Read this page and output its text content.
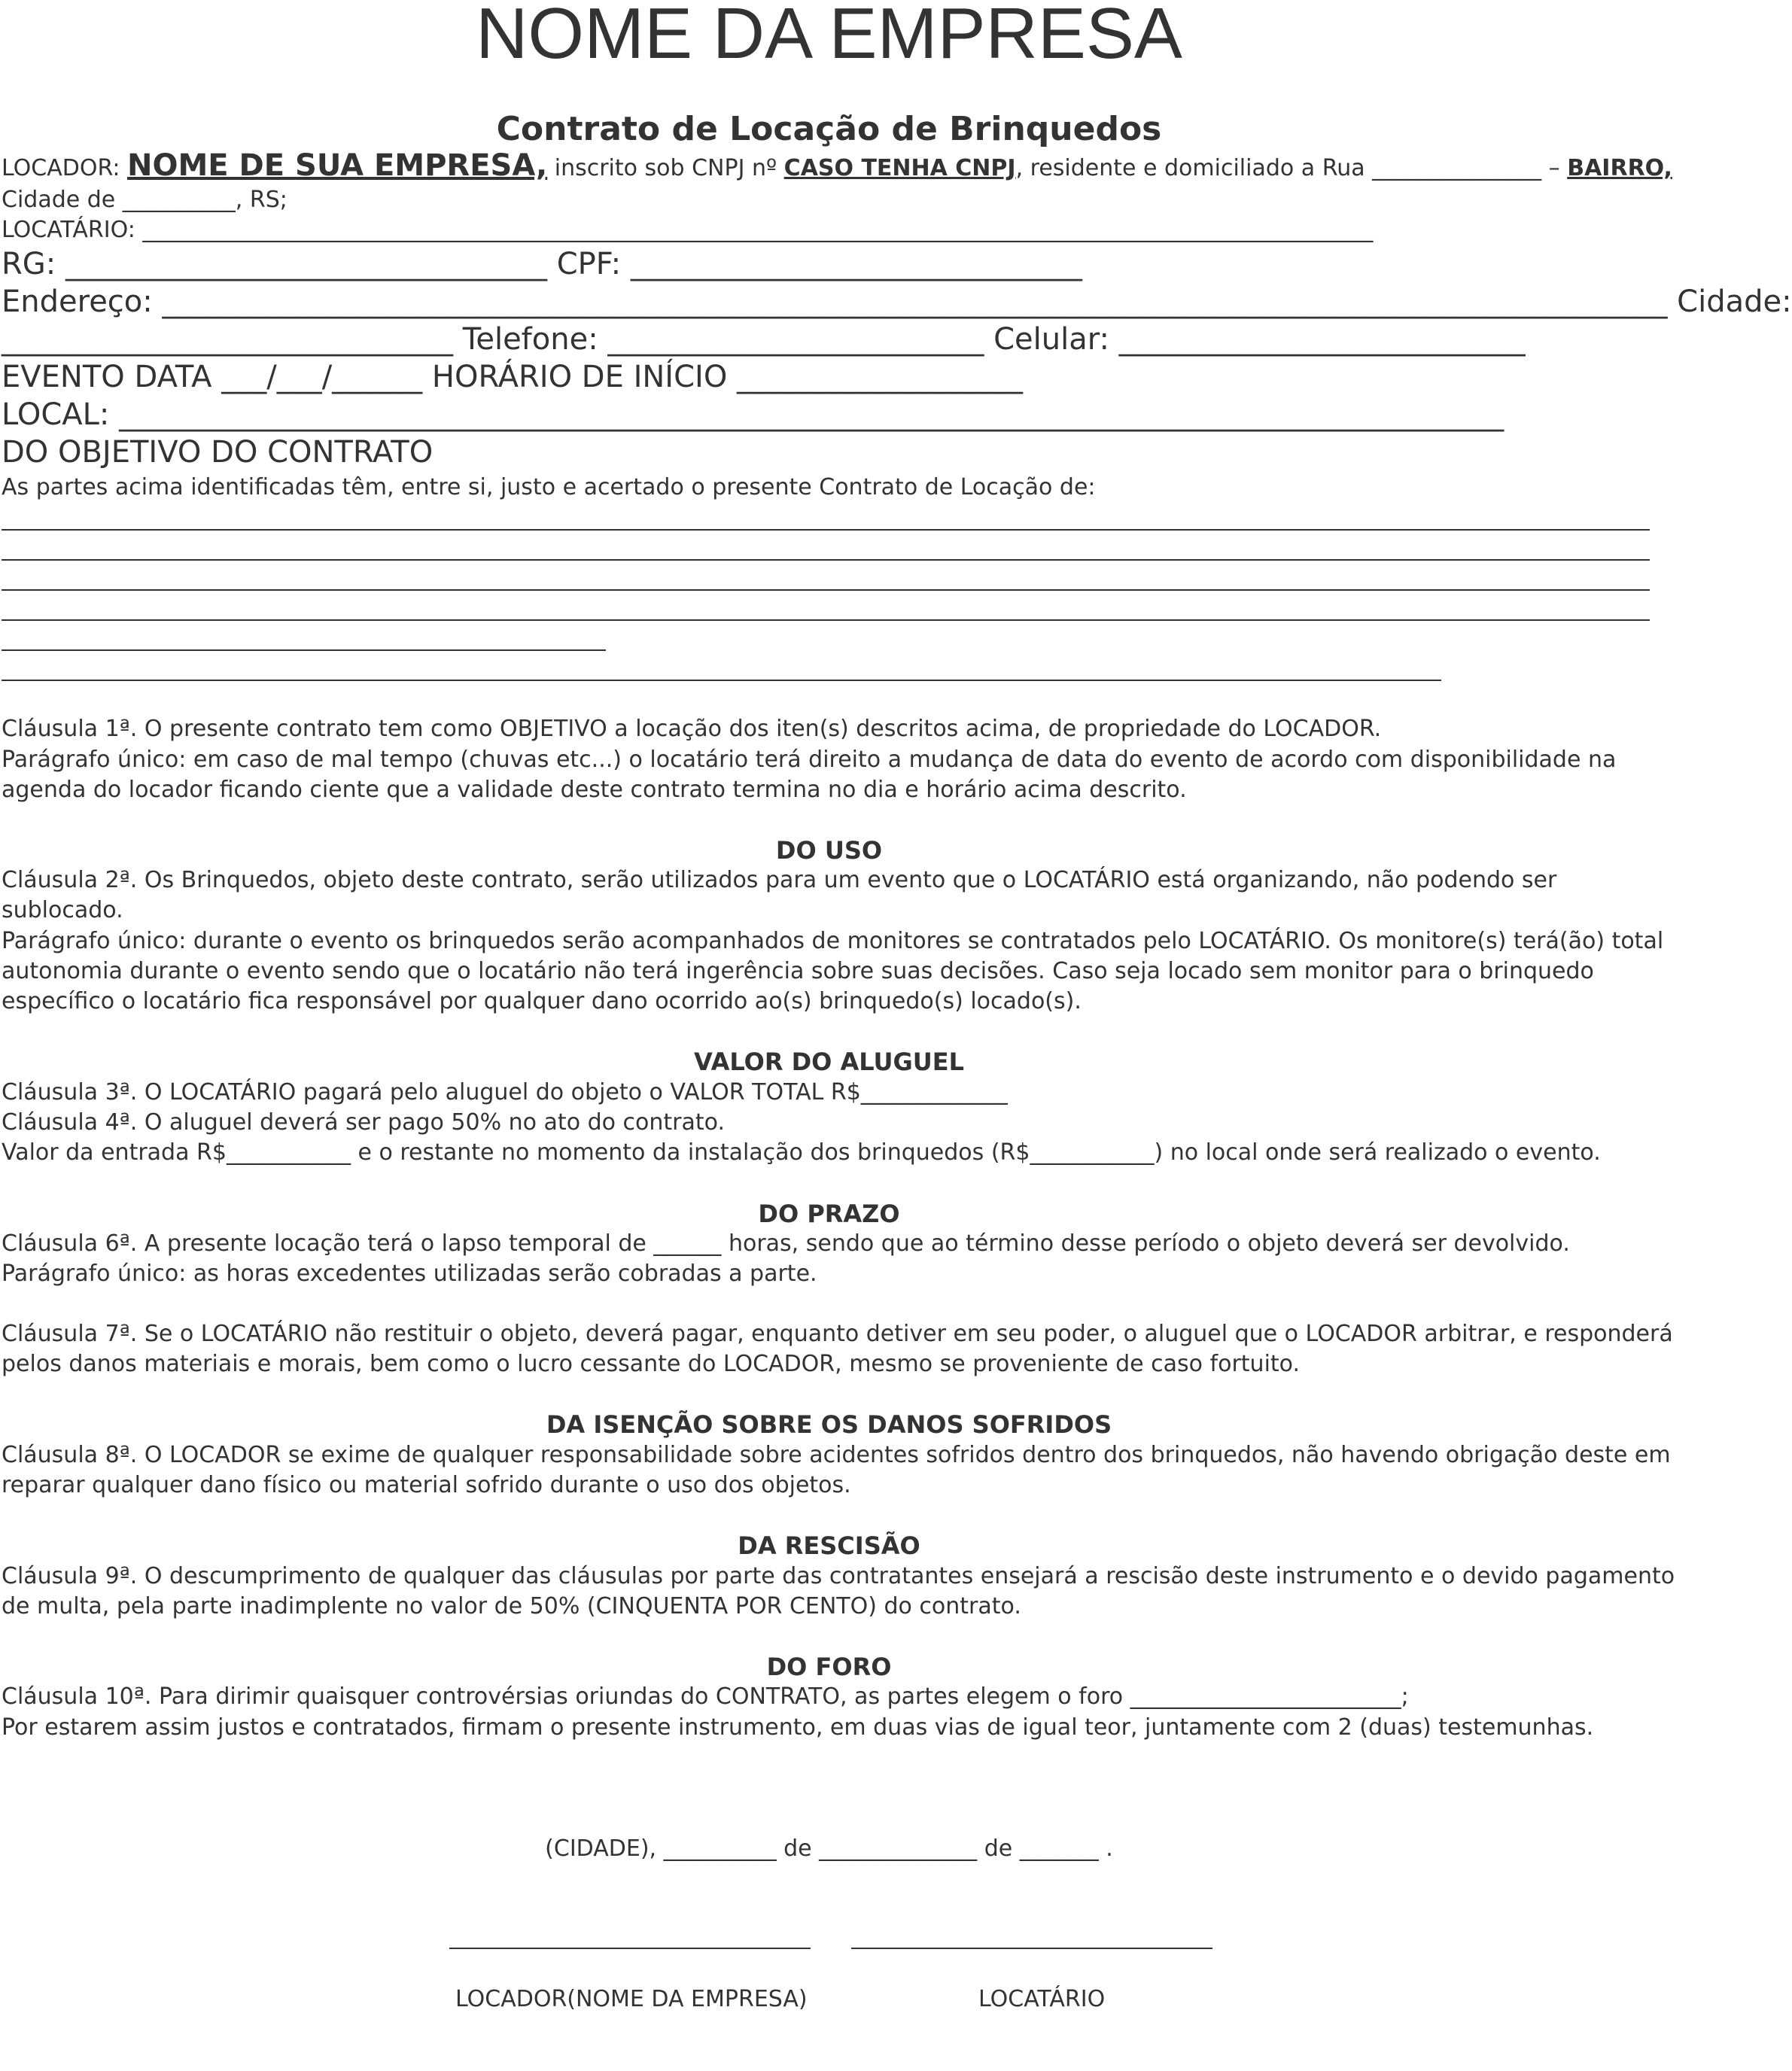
NOME DA EMPRESA
Contrato de Locação de Brinquedos
LOCADOR: NOME DE SUA EMPRESA, inscrito sob CNPJ nº CASO TENHA CNPJ, residente e domiciliado a Rua _______________ – BAIRRO,
Cidade de __________, RS;
LOCATÁRIO: _____________________________________________________________________________________________________________
RG: ________________________________ CPF: ______________________________
Endereço: ____________________________________________________________________________________________________ Cidade:
______________________________ Telefone: _________________________ Celular: ___________________________
EVENTO DATA ___/___/______ HORÁRIO DE INÍCIO ___________________
LOCAL: ____________________________________________________________________________________________
DO OBJETIVO DO CONTRATO
As partes acima identificadas têm, entre si, justo e acertado o presente Contrato de Locação de:
Cláusula 1ª. O presente contrato tem como OBJETIVO a locação dos iten(s) descritos acima, de propriedade do LOCADOR.
Parágrafo único: em caso de mal tempo (chuvas etc...) o locatário terá direito a mudança de data do evento de acordo com disponibilidade na
agenda do locador ficando ciente que a validade deste contrato termina no dia e horário acima descrito.
DO USO
Cláusula 2ª. Os Brinquedos, objeto deste contrato, serão utilizados para um evento que o LOCATÁRIO está organizando, não podendo ser
sublocado.
Parágrafo único: durante o evento os brinquedos serão acompanhados de monitores se contratados pelo LOCATÁRIO. Os monitore(s) terá(ão) total
autonomia durante o evento sendo que o locatário não terá ingerência sobre suas decisões. Caso seja locado sem monitor para o brinquedo
específico o locatário fica responsável por qualquer dano ocorrido ao(s) brinquedo(s) locado(s).
VALOR DO ALUGUEL
Cláusula 3ª. O LOCATÁRIO pagará pelo aluguel do objeto o VALOR TOTAL R$_____________
Cláusula 4ª. O aluguel deverá ser pago 50% no ato do contrato.
Valor da entrada R$___________ e o restante no momento da instalação dos brinquedos (R$___________) no local onde será realizado o evento.
DO PRAZO
Cláusula 6ª. A presente locação terá o lapso temporal de ______ horas, sendo que ao término desse período o objeto deverá ser devolvido.
Parágrafo único: as horas excedentes utilizadas serão cobradas a parte.
Cláusula 7ª. Se o LOCATÁRIO não restituir o objeto, deverá pagar, enquanto detiver em seu poder, o aluguel que o LOCADOR arbitrar, e responderá
pelos danos materiais e morais, bem como o lucro cessante do LOCADOR, mesmo se proveniente de caso fortuito.
DA ISENÇÃO SOBRE OS DANOS SOFRIDOS
Cláusula 8ª. O LOCADOR se exime de qualquer responsabilidade sobre acidentes sofridos dentro dos brinquedos, não havendo obrigação deste em
reparar qualquer dano físico ou material sofrido durante o uso dos objetos.
DA RESCISÃO
Cláusula 9ª. O descumprimento de qualquer das cláusulas por parte das contratantes ensejará a rescisão deste instrumento e o devido pagamento
de multa, pela parte inadimplente no valor de 50% (CINQUENTA POR CENTO) do contrato.
DO FORO
Cláusula 10ª. Para dirimir quaisquer controvérsias oriundas do CONTRATO, as partes elegem o foro ________________________;
Por estarem assim justos e contratados, firmam o presente instrumento, em duas vias de igual teor, juntamente com 2 (duas) testemunhas.
(CIDADE), __________ de ______________ de _______ .
LOCADOR(NOME DA EMPRESA)	LOCATÁRIO
